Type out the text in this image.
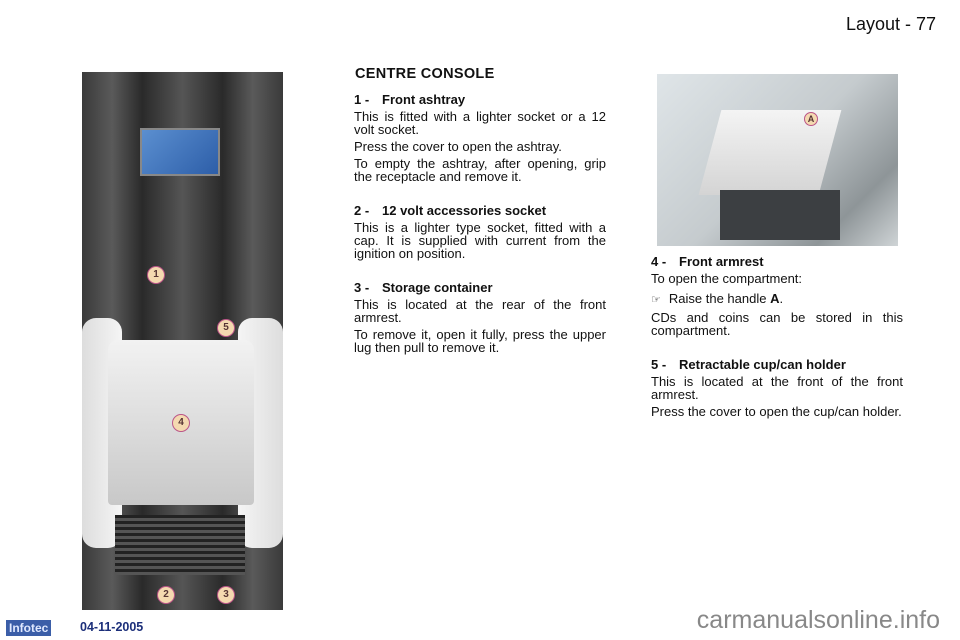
Layout - 77
1
2	3
4
5
A
CENTRE CONSOLE
1 - Front ashtray

This is fitted with a lighter socket or a 12 volt socket.

Press the cover to open the ashtray.

To empty the ashtray, after opening, grip the receptacle and remove it.

2 - 12 volt accessories socket

This is a lighter type socket, fitted with a cap. It is supplied with current from the ignition on position.

3 - Storage container

This is located at the rear of the front armrest.

To remove it, open it fully, press the upper lug then pull to remove it.

4 - Front armrest

To open the compartment:

☞ Raise the handle A.

CDs and coins can be stored in this compartment.

5 - Retractable cup/can holder

This is located at the front of the front armrest.

Press the cover to open the cup/can holder.

Infotec	04-11-2005	carmanualsonline.info
